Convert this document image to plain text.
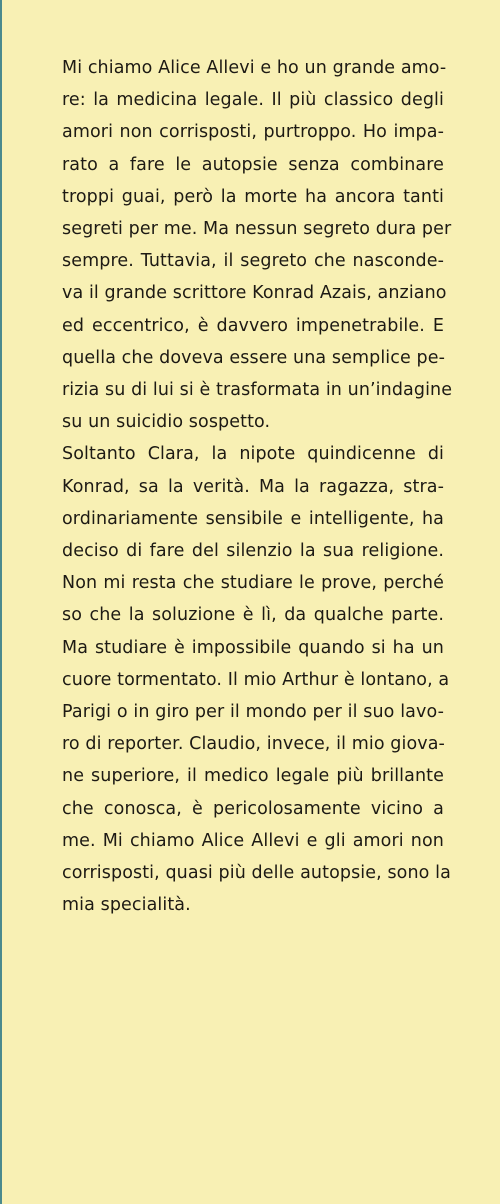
Mi chiamo Alice Allevi e ho un grande amo-
re: la medicina legale. Il più classico degli
amori non corrisposti, purtroppo. Ho impa-
rato a fare le autopsie senza combinare
troppi guai, però la morte ha ancora tanti
segreti per me. Ma nessun segreto dura per
sempre. Tuttavia, il segreto che nasconde-
va il grande scrittore Konrad Azais, anziano
ed eccentrico, è davvero impenetrabile. E
quella che doveva essere una semplice pe-
rizia su di lui si è trasformata in un’indagine
su un suicidio sospetto.
Soltanto Clara, la nipote quindicenne di
Konrad, sa la verità. Ma la ragazza, stra-
ordinariamente sensibile e intelligente, ha
deciso di fare del silenzio la sua religione.
Non mi resta che studiare le prove, perché
so che la soluzione è lì, da qualche parte.
Ma studiare è impossibile quando si ha un
cuore tormentato. Il mio Arthur è lontano, a
Parigi o in giro per il mondo per il suo lavo-
ro di reporter. Claudio, invece, il mio giova-
ne superiore, il medico legale più brillante
che conosca, è pericolosamente vicino a
me. Mi chiamo Alice Allevi e gli amori non
corrisposti, quasi più delle autopsie, sono la
mia specialità.
